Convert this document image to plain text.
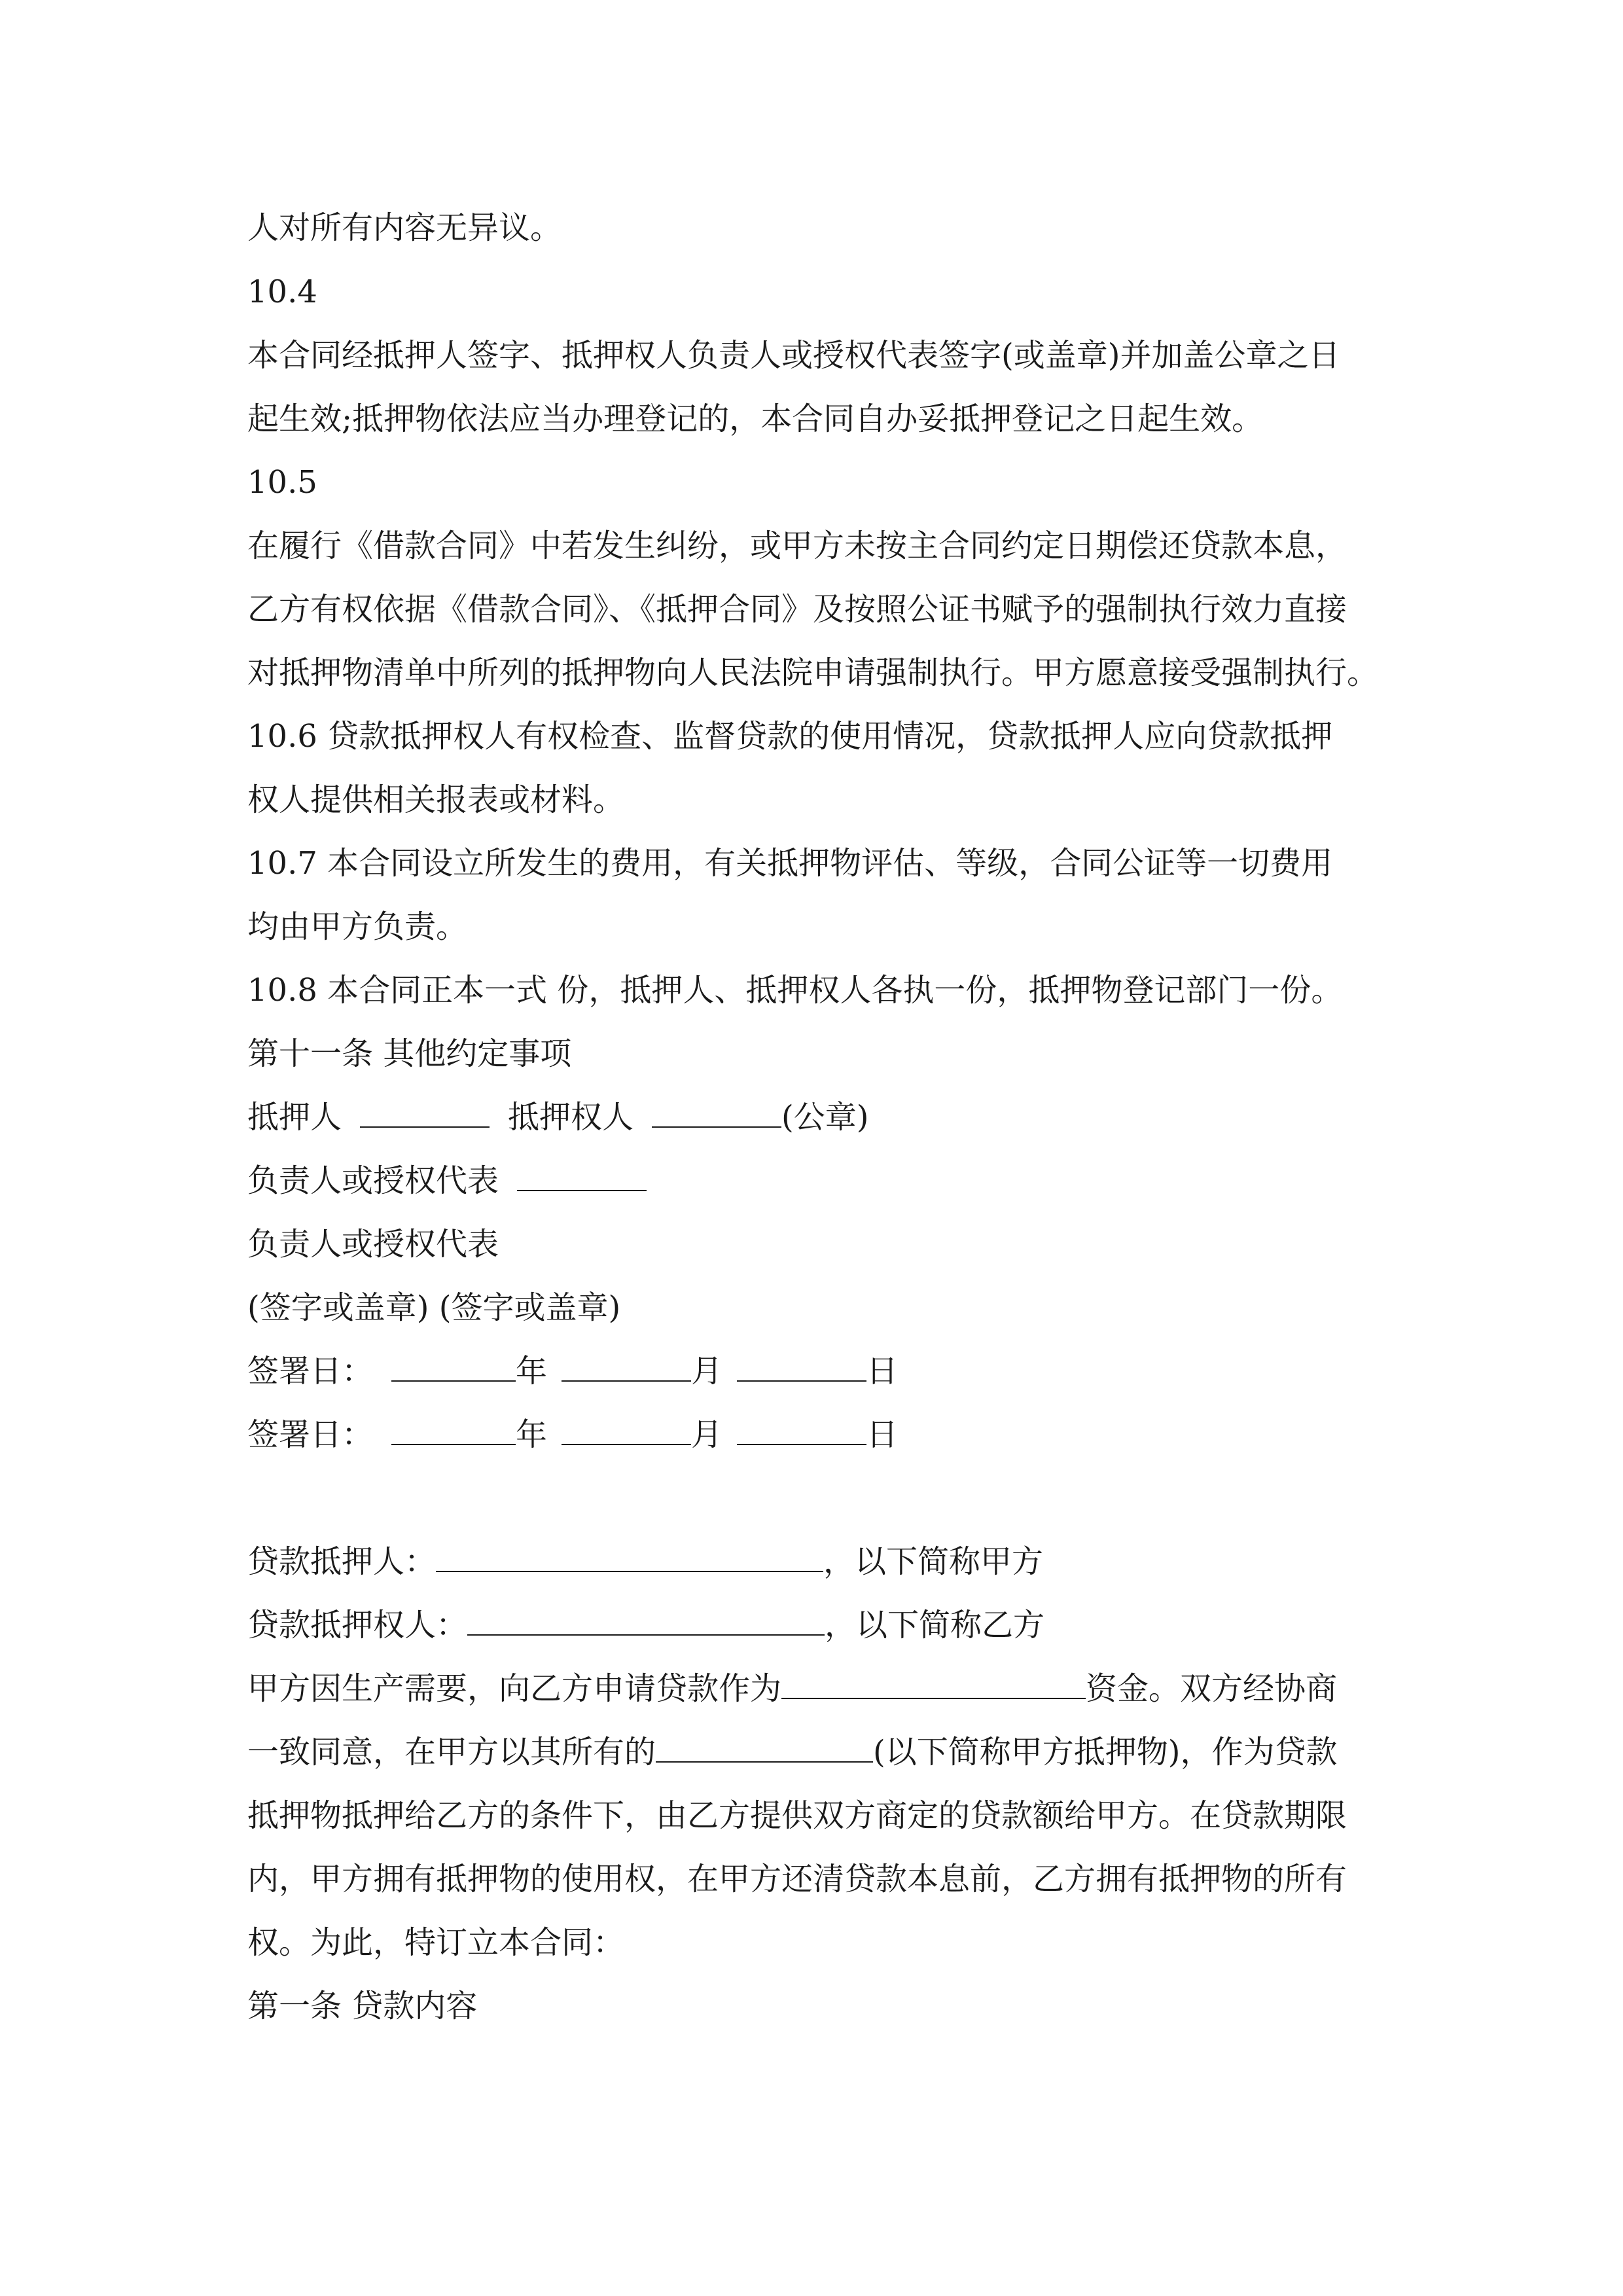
人对所有内容无异议。
10.4
本合同经抵押人签字、抵押权人负责人或授权代表签字(或盖章)并加盖公章之日
起生效;抵押物依法应当办理登记的，本合同自办妥抵押登记之日起生效。
10.5
在履行《借款合同》中若发生纠纷，或甲方未按主合同约定日期偿还贷款本息，
乙方有权依据《借款合同》、《抵押合同》及按照公证书赋予的强制执行效力直接
对抵押物清单中所列的抵押物向人民法院申请强制执行。甲方愿意接受强制执行。
10.6 贷款抵押权人有权检查、监督贷款的使用情况，贷款抵押人应向贷款抵押
权人提供相关报表或材料。
10.7 本合同设立所发生的费用，有关抵押物评估、等级，合同公证等一切费用
均由甲方负责。
10.8 本合同正本一式 份，抵押人、抵押权人各执一份，抵押物登记部门一份。
第十一条 其他约定事项
抵押人	抵押权人	(公章)
负责人或授权代表
负责人或授权代表
(签字或盖章) (签字或盖章)
签署日：	年	月	日
签署日：	年	月	日
贷款抵押人：	，以下简称甲方
贷款抵押权人：	，以下简称乙方
甲方因生产需要，向乙方申请贷款作为	资金。双方经协商
一致同意，在甲方以其所有的	(以下简称甲方抵押物)，作为贷款
抵押物抵押给乙方的条件下，由乙方提供双方商定的贷款额给甲方。在贷款期限
内，甲方拥有抵押物的使用权，在甲方还清贷款本息前，乙方拥有抵押物的所有
权。为此，特订立本合同：
第一条 贷款内容
